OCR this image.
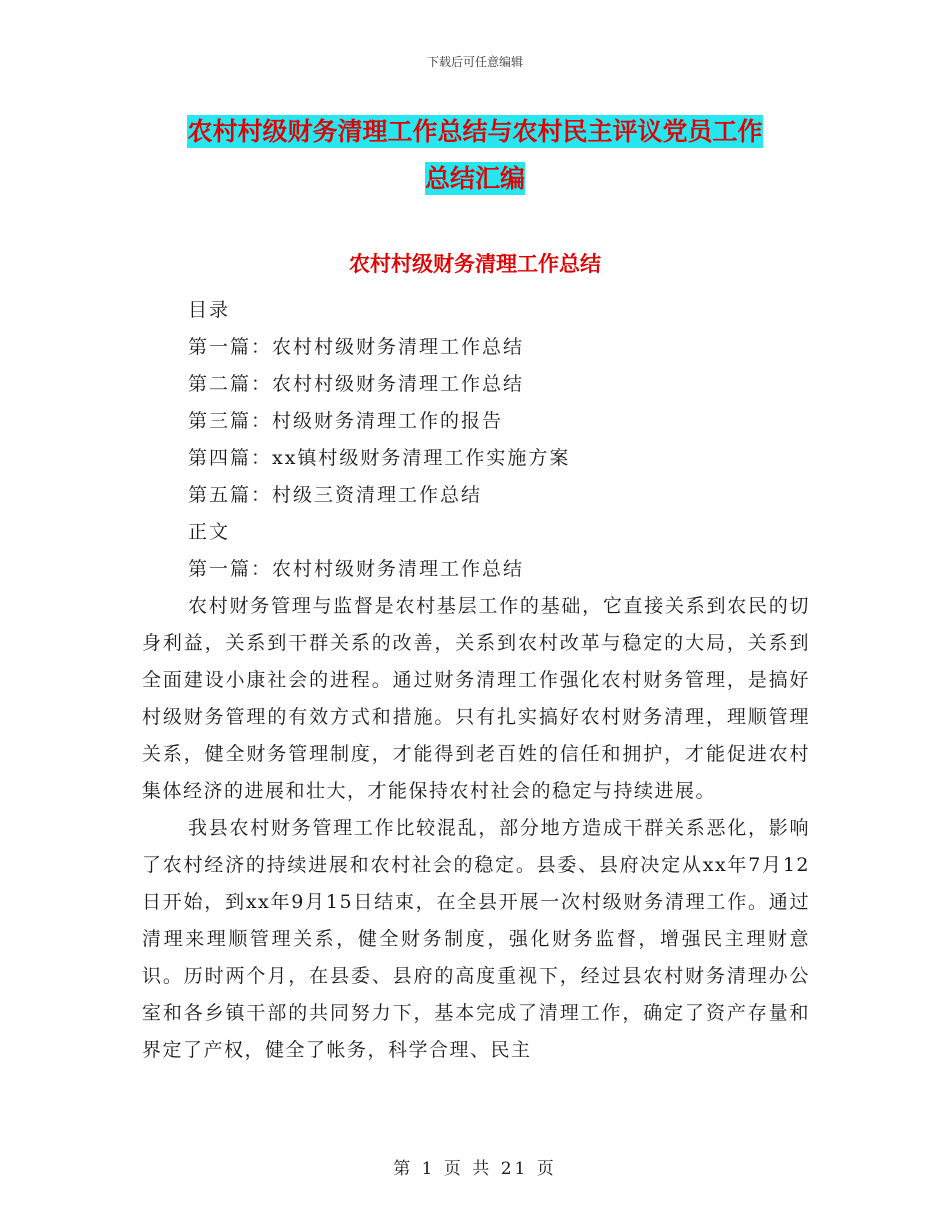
下载后可任意编辑
农村村级财务清理工作总结与农村民主评议党员工作
总结汇编
农村村级财务清理工作总结
目录
第一篇：农村村级财务清理工作总结
第二篇：农村村级财务清理工作总结
第三篇：村级财务清理工作的报告
第四篇：xx镇村级财务清理工作实施方案
第五篇：村级三资清理工作总结
正文
第一篇：农村村级财务清理工作总结

农村财务管理与监督是农村基层工作的基础，它直接关系到农民的切身利益，关系到干群关系的改善，关系到农村改革与稳定的大局，关系到全面建设小康社会的进程。通过财务清理工作强化农村财务管理，是搞好村级财务管理的有效方式和措施。只有扎实搞好农村财务清理，理顺管理关系，健全财务管理制度，才能得到老百姓的信任和拥护，才能促进农村集体经济的进展和壮大，才能保持农村社会的稳定与持续进展。

我县农村财务管理工作比较混乱，部分地方造成干群关系恶化，影响了农村经济的持续进展和农村社会的稳定。县委、县府决定从xx年7月12日开始，到xx年9月15日结束，在全县开展一次村级财务清理工作。通过清理来理顺管理关系，健全财务制度，强化财务监督，增强民主理财意识。历时两个月，在县委、县府的高度重视下，经过县农村财务清理办公室和各乡镇干部的共同努力下，基本完成了清理工作，确定了资产存量和界定了产权，健全了帐务，科学合理、民主

第 1 页 共 21 页
